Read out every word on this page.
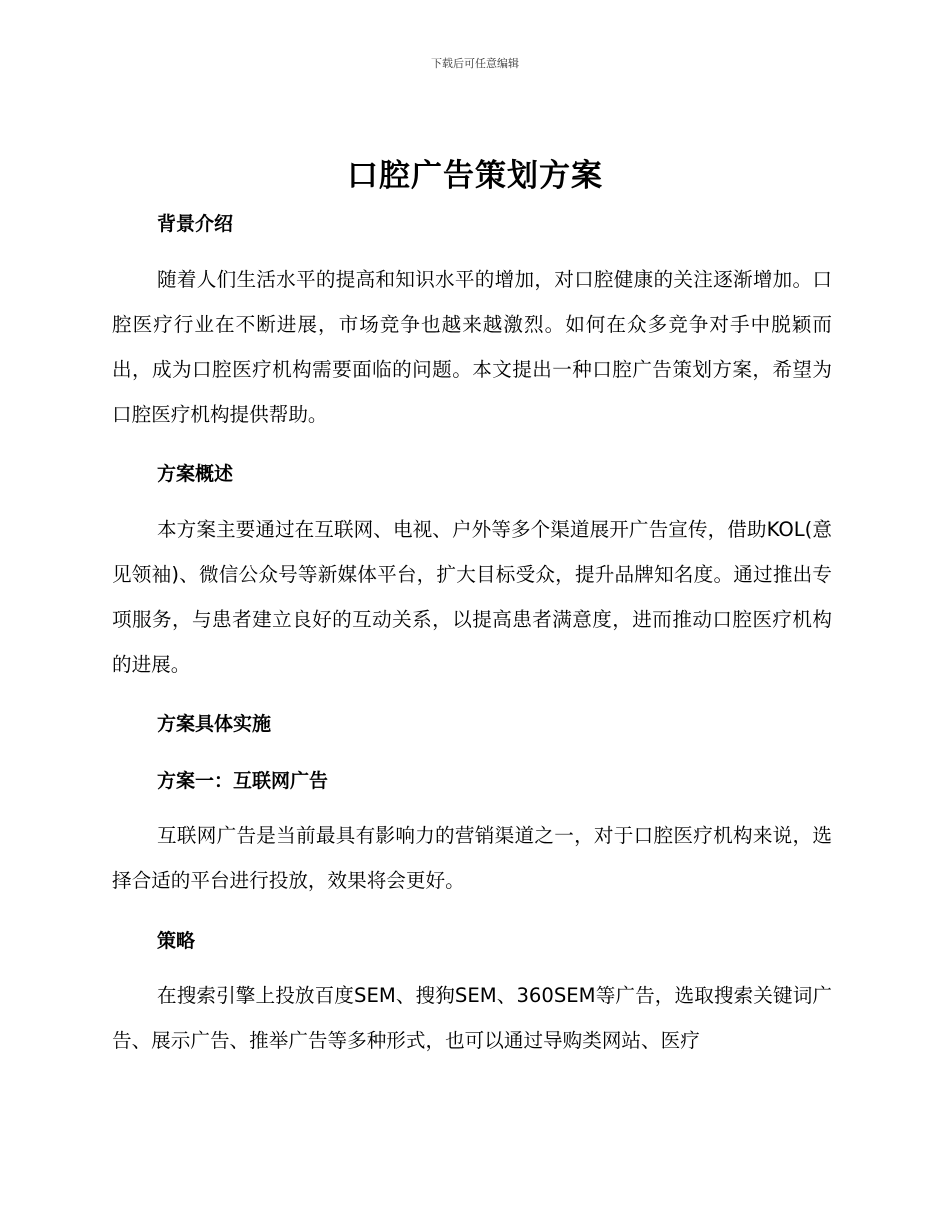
下载后可任意编辑
口腔广告策划方案
背景介绍

随着人们生活水平的提高和知识水平的增加，对口腔健康的关注逐渐增加。口腔医疗行业在不断进展，市场竞争也越来越激烈。如何在众多竞争对手中脱颖而出，成为口腔医疗机构需要面临的问题。本文提出一种口腔广告策划方案，希望为口腔医疗机构提供帮助。

方案概述

本方案主要通过在互联网、电视、户外等多个渠道展开广告宣传，借助KOL(意见领袖)、微信公众号等新媒体平台，扩大目标受众，提升品牌知名度。通过推出专项服务，与患者建立良好的互动关系，以提高患者满意度，进而推动口腔医疗机构的进展。

方案具体实施
方案一：互联网广告

互联网广告是当前最具有影响力的营销渠道之一，对于口腔医疗机构来说，选择合适的平台进行投放，效果将会更好。

策略

在搜索引擎上投放百度SEM、搜狗SEM、360SEM等广告，选取搜索关键词广告、展示广告、推举广告等多种形式，也可以通过导购类网站、医疗
